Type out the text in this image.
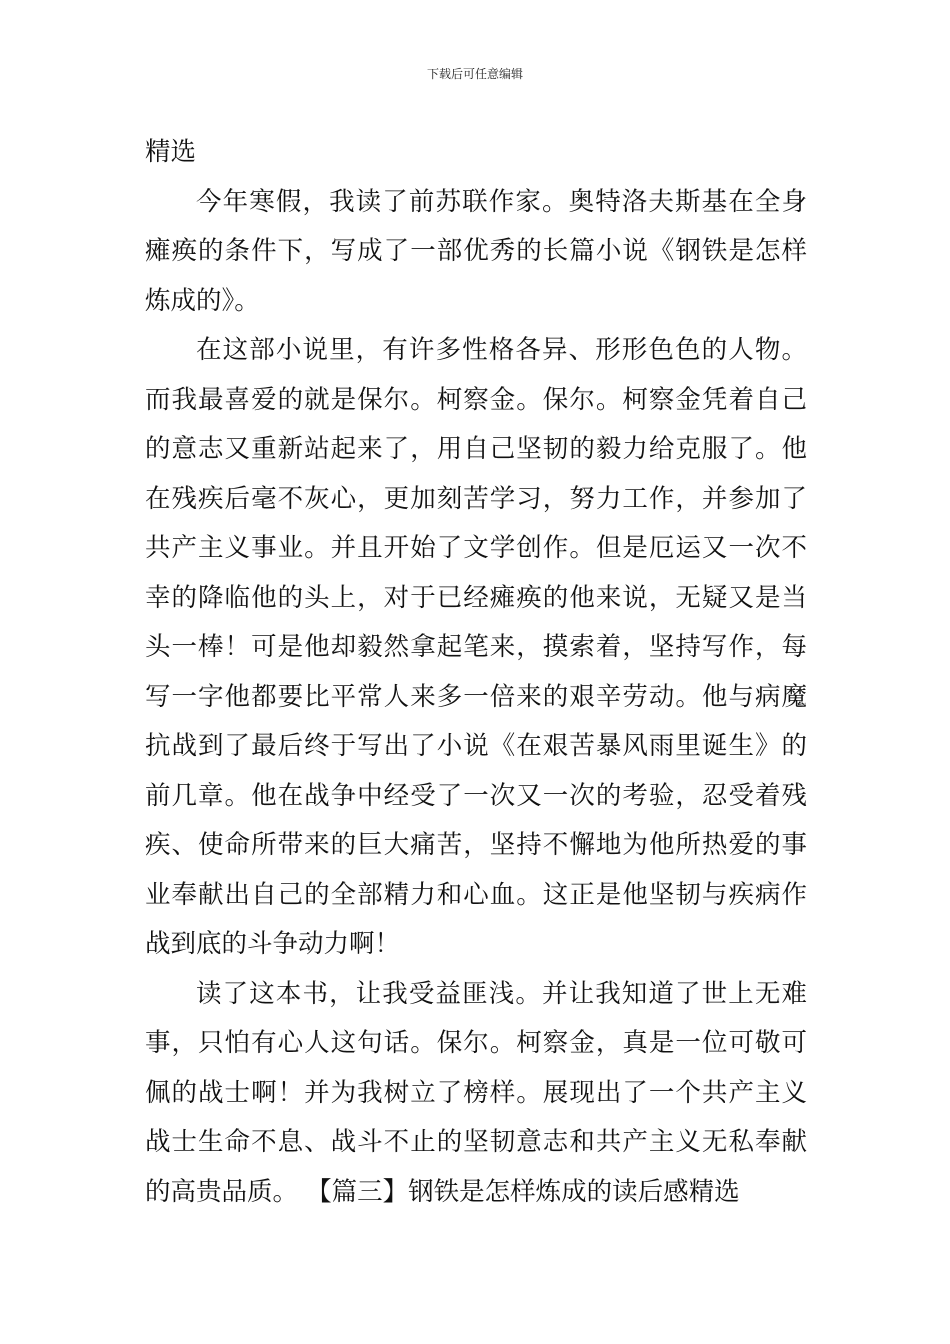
下载后可任意编辑

精选

今年寒假，我读了前苏联作家。奥特洛夫斯基在全身瘫痪的条件下，写成了一部优秀的长篇小说《钢铁是怎样炼成的》。

在这部小说里，有许多性格各异、形形色色的人物。而我最喜爱的就是保尔。柯察金。保尔。柯察金凭着自己的意志又重新站起来了，用自己坚韧的毅力给克服了。他在残疾后毫不灰心，更加刻苦学习，努力工作，并参加了共产主义事业。并且开始了文学创作。但是厄运又一次不幸的降临他的头上，对于已经瘫痪的他来说，无疑又是当头一棒！可是他却毅然拿起笔来，摸索着，坚持写作，每写一字他都要比平常人来多一倍来的艰辛劳动。他与病魔抗战到了最后终于写出了小说《在艰苦暴风雨里诞生》的前几章。他在战争中经受了一次又一次的考验，忍受着残疾、使命所带来的巨大痛苦，坚持不懈地为他所热爱的事业奉献出自己的全部精力和心血。这正是他坚韧与疾病作战到底的斗争动力啊！

读了这本书，让我受益匪浅。并让我知道了世上无难事，只怕有心人这句话。保尔。柯察金，真是一位可敬可佩的战士啊！并为我树立了榜样。展现出了一个共产主义战士生命不息、战斗不止的坚韧意志和共产主义无私奉献的高贵品质。 【篇三】钢铁是怎样炼成的读后感精选
